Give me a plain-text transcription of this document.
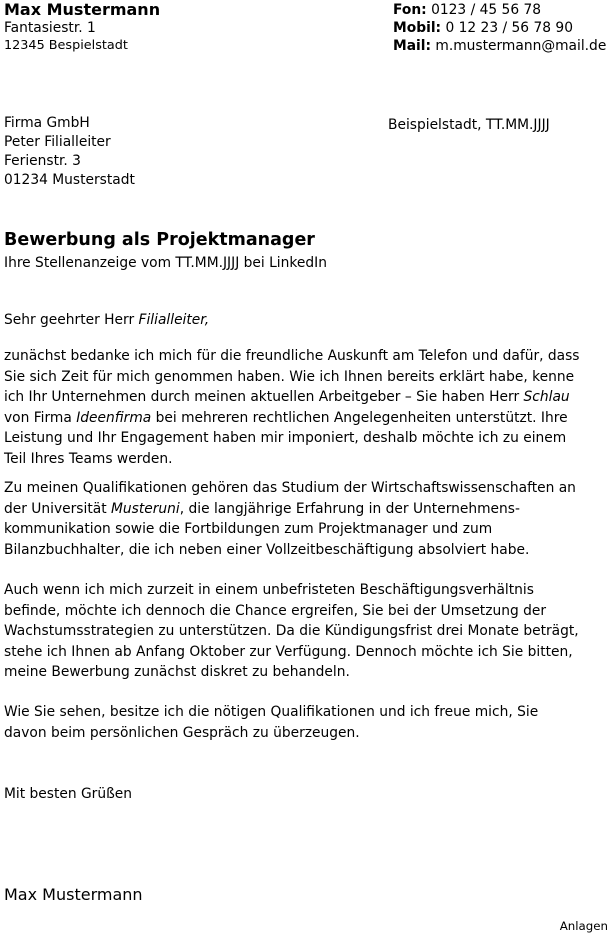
Max Mustermann
Fantasiestr. 1
12345 Bespielstadt
Fon: 0123 / 45 56 78
Mobil: 0 12 23 / 56 78 90
Mail: m.mustermann@mail.de
Firma GmbH
Peter Filialleiter
Ferienstr. 3
01234 Musterstadt
Beispielstadt, TT.MM.JJJJ
Bewerbung als Projektmanager
Ihre Stellenanzeige vom TT.MM.JJJJ bei LinkedIn
Sehr geehrter Herr Filialleiter,
zunächst bedanke ich mich für die freundliche Auskunft am Telefon und dafür, dass
Sie sich Zeit für mich genommen haben. Wie ich Ihnen bereits erklärt habe, kenne
ich Ihr Unternehmen durch meinen aktuellen Arbeitgeber – Sie haben Herr Schlau
von Firma Ideenfirma bei mehreren rechtlichen Angelegenheiten unterstützt. Ihre
Leistung und Ihr Engagement haben mir imponiert, deshalb möchte ich zu einem
Teil Ihres Teams werden.
Zu meinen Qualifikationen gehören das Studium der Wirtschaftswissenschaften an
der Universität Musteruni, die langjährige Erfahrung in der Unternehmens-
kommunikation sowie die Fortbildungen zum Projektmanager und zum
Bilanzbuchhalter, die ich neben einer Vollzeitbeschäftigung absolviert habe.
Auch wenn ich mich zurzeit in einem unbefristeten Beschäftigungsverhältnis
befinde, möchte ich dennoch die Chance ergreifen, Sie bei der Umsetzung der
Wachstumsstrategien zu unterstützen. Da die Kündigungsfrist drei Monate beträgt,
stehe ich Ihnen ab Anfang Oktober zur Verfügung. Dennoch möchte ich Sie bitten,
meine Bewerbung zunächst diskret zu behandeln.
Wie Sie sehen, besitze ich die nötigen Qualifikationen und ich freue mich, Sie
davon beim persönlichen Gespräch zu überzeugen.
Mit besten Grüßen
Max Mustermann
Anlagen
